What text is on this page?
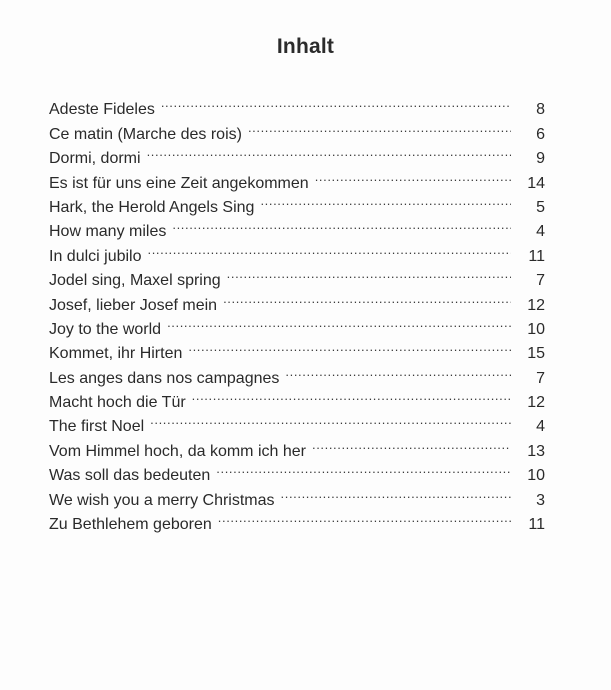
Inhalt
Adeste Fideles .....	8
Ce matin (Marche des rois) .....	6
Dormi, dormi .....	9
Es ist für uns eine Zeit angekommen .....	14
Hark, the Herold Angels Sing .....	5
How many miles .....	4
In dulci jubilo .....	11
Jodel sing, Maxel spring .....	7
Josef, lieber Josef mein .....	12
Joy to the world .....	10
Kommet, ihr Hirten .....	15
Les anges dans nos campagnes .....	7
Macht hoch die Tür .....	12
The first Noel .....	4
Vom Himmel hoch, da komm ich her .....	13
Was soll das bedeuten .....	10
We wish you a merry Christmas .....	3
Zu Bethlehem geboren .....	11
